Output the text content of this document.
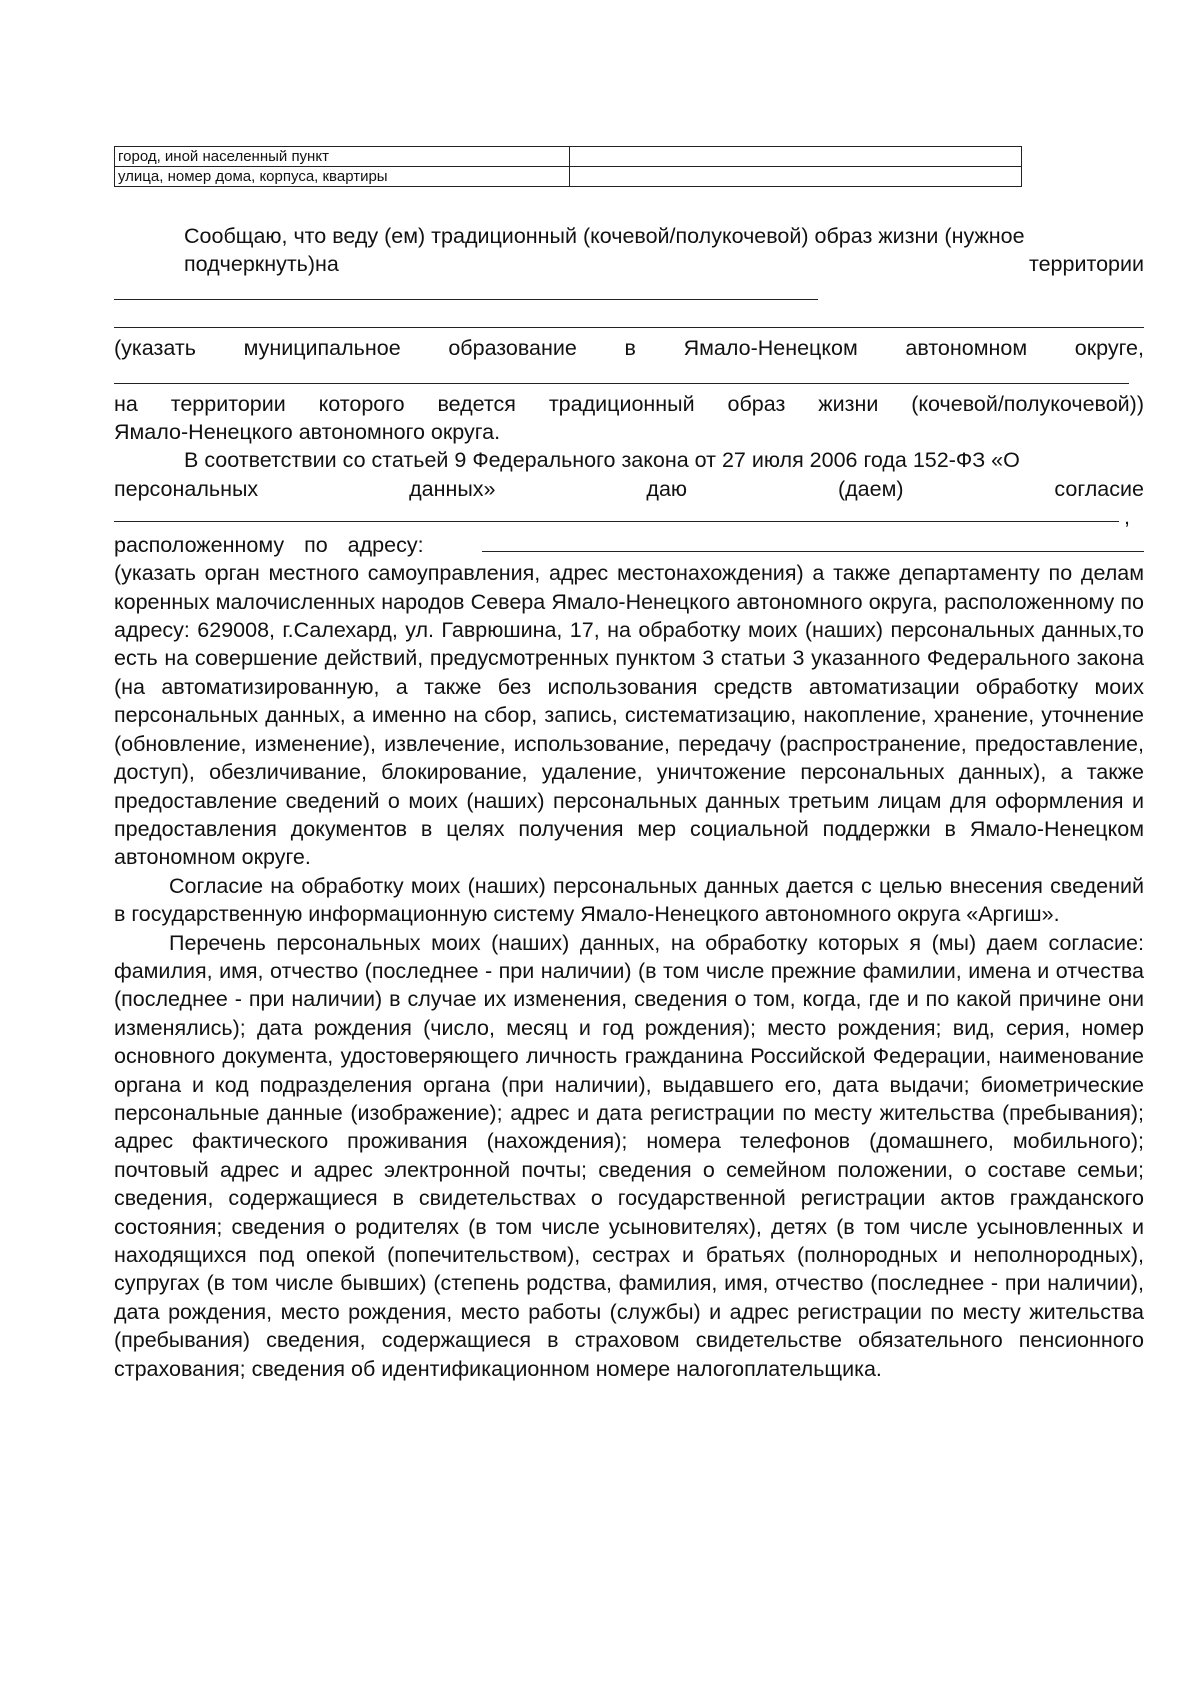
город, иной населенный пункт	
улица, номер дома, корпуса, квартиры	

Сообщаю, что веду (ем) традиционный (кочевой/полукочевой) образ жизни (нужное
подчеркнуть)на территории

(указать муниципальное образование в Ямало-Ненецком автономном округе,

на территории которого ведется традиционный образ жизни (кочевой/полукочевой))

Ямало-Ненецкого автономного округа.

В соответствии со статьей 9 Федерального закона от 27 июля 2006 года 152-ФЗ «О

персональных	данных»	даю	(даем)	согласие
,
расположенному по адресу:

(указать орган местного самоуправления, адрес местонахождения) а также департаменту по делам коренных малочисленных народов Севера Ямало-Ненецкого автономного округа, расположенному по адресу: 629008, г.Салехард, ул. Гаврюшина, 17, на обработку моих (наших) персональных данных,то есть на совершение действий, предусмотренных пунктом 3 статьи 3 указанного Федерального закона (на автоматизированную, а также без использования средств автоматизации обработку моих персональных данных, а именно на сбор, запись, систематизацию, накопление, хранение, уточнение (обновление, изменение), извлечение, использование, передачу (распространение, предоставление, доступ), обезличивание, блокирование, удаление, уничтожение персональных данных), а также предоставление сведений о моих (наших) персональных данных третьим лицам для оформления и предоставления документов в целях получения мер социальной поддержки в Ямало-Ненецком автономном округе.

Согласие на обработку моих (наших) персональных данных дается с целью внесения сведений в государственную информационную систему Ямало-Ненецкого автономного округа «Аргиш».

Перечень персональных моих (наших) данных, на обработку которых я (мы) даем согласие: фамилия, имя, отчество (последнее - при наличии) (в том числе прежние фамилии, имена и отчества (последнее - при наличии) в случае их изменения, сведения о том, когда, где и по какой причине они изменялись); дата рождения (число, месяц и год рождения); место рождения; вид, серия, номер основного документа, удостоверяющего личность гражданина Российской Федерации, наименование органа и код подразделения органа (при наличии), выдавшего его, дата выдачи; биометрические персональные данные (изображение); адрес и дата регистрации по месту жительства (пребывания); адрес фактического проживания (нахождения); номера телефонов (домашнего, мобильного); почтовый адрес и адрес электронной почты; сведения о семейном положении, о составе семьи; сведения, содержащиеся в свидетельствах о государственной регистрации актов гражданского состояния; сведения о родителях (в том числе усыновителях), детях (в том числе усыновленных и находящихся под опекой (попечительством), сестрах и братьях (полнородных и неполнородных), супругах (в том числе бывших) (степень родства, фамилия, имя, отчество (последнее - при наличии), дата рождения, место рождения, место работы (службы) и адрес регистрации по месту жительства (пребывания) сведения, содержащиеся в страховом свидетельстве обязательного пенсионного страхования; сведения об идентификационном номере налогоплательщика.
